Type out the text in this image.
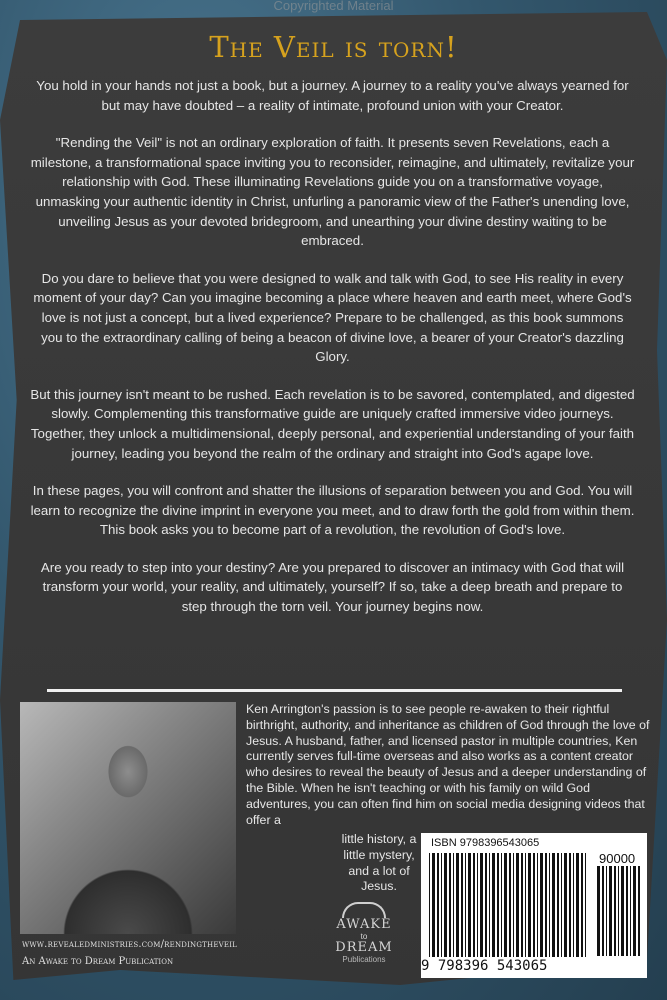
Copyrighted Material
The Veil is torn!

You hold in your hands not just a book, but a journey. A journey to a reality you've always yearned for but may have doubted – a reality of intimate, profound union with your Creator.

"Rending the Veil" is not an ordinary exploration of faith. It presents seven Revelations, each a milestone, a transformational space inviting you to reconsider, reimagine, and ultimately, revitalize your relationship with God. These illuminating Revelations guide you on a transformative voyage, unmasking your authentic identity in Christ, unfurling a panoramic view of the Father's unending love, unveiling Jesus as your devoted bridegroom, and unearthing your divine destiny waiting to be embraced.

Do you dare to believe that you were designed to walk and talk with God, to see His reality in every moment of your day? Can you imagine becoming a place where heaven and earth meet, where God's love is not just a concept, but a lived experience? Prepare to be challenged, as this book summons you to the extraordinary calling of being a beacon of divine love, a bearer of your Creator's dazzling Glory.

But this journey isn't meant to be rushed. Each revelation is to be savored, contemplated, and digested slowly. Complementing this transformative guide are uniquely crafted immersive video journeys. Together, they unlock a multidimensional, deeply personal, and experiential understanding of your faith journey, leading you beyond the realm of the ordinary and straight into God's agape love.

In these pages, you will confront and shatter the illusions of separation between you and God. You will learn to recognize the divine imprint in everyone you meet, and to draw forth the gold from within them. This book asks you to become part of a revolution, the revolution of God's love.

Are you ready to step into your destiny? Are you prepared to discover an intimacy with God that will transform your world, your reality, and ultimately, yourself? If so, take a deep breath and prepare to step through the torn veil. Your journey begins now.

Ken Arrington's passion is to see people re-awaken to their rightful birthright, authority, and inheritance as children of God through the love of Jesus. A husband, father, and licensed pastor in multiple countries, Ken currently serves full-time overseas and also works as a content creator who desires to reveal the beauty of Jesus and a deeper understanding of the Bible. When he isn't teaching or with his family on wild God adventures, you can often find him on social media designing videos that offer a
little history, a little mystery, and a lot of Jesus.
www.revealedministries.com/rendingtheveil
An Awake to Dream Publication
AWAKE
to
DREAM
Publications
ISBN 9798396543065
90000
9 798396 543065
